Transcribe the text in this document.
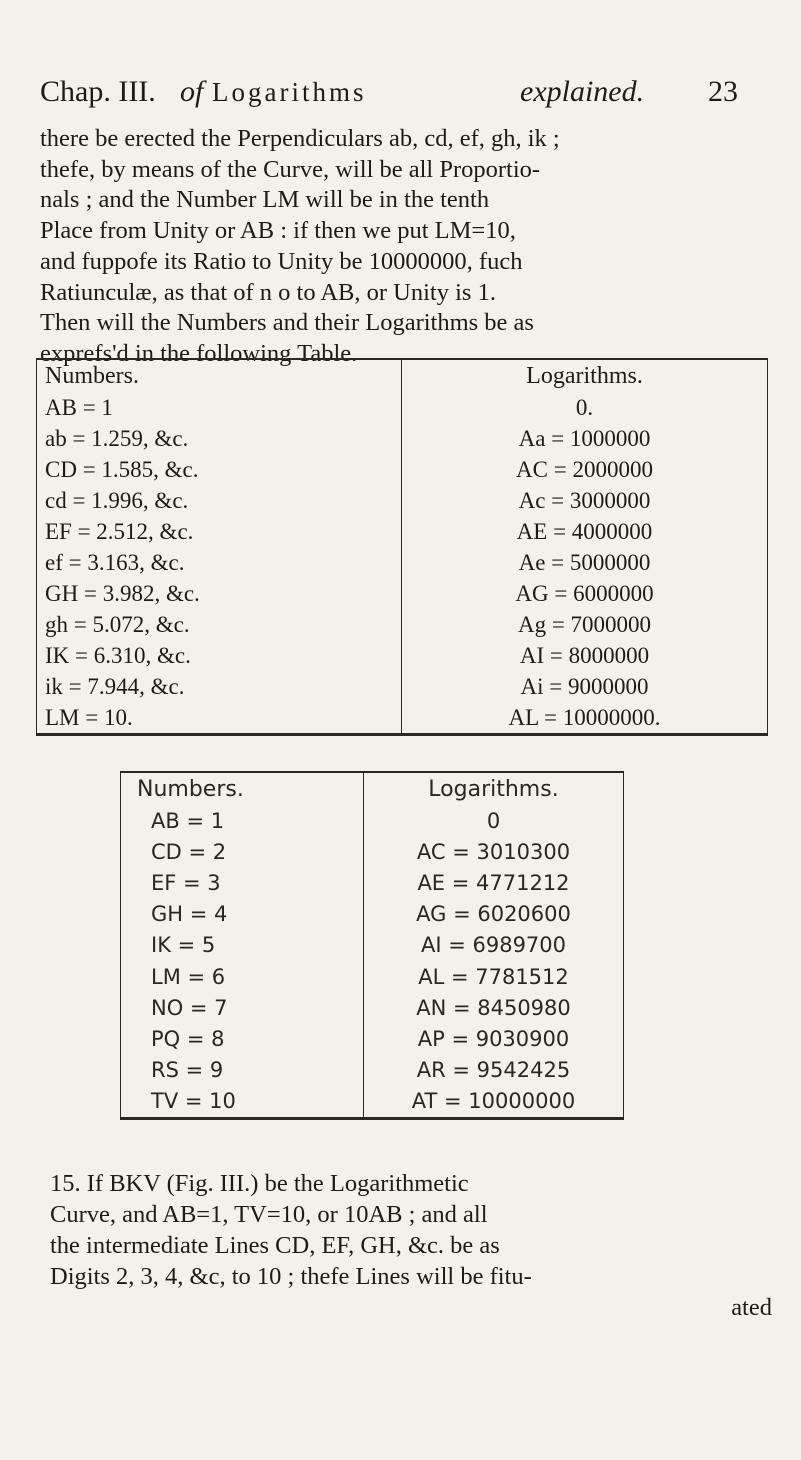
Chap. III. of Logarithms	explained. 23
there be erected the Perpendiculars ab, cd, ef, gh, ik ;
thefe, by means of the Curve, will be all Proportio-
nals ; and the Number LM will be in the tenth
Place from Unity or AB : if then we put LM=10,
and fuppofe its Ratio to Unity be 10000000, fuch
Ratiunculæ, as that of n o to AB, or Unity is 1.
Then will the Numbers and their Logarithms be as
exprefs'd in the following Table.
Numbers.	Logarithms.
AB = 1	0.
ab = 1.259, &c.	Aa = 1000000
CD = 1.585, &c.	AC = 2000000
cd = 1.996, &c.	Ac = 3000000
EF = 2.512, &c.	AE = 4000000
ef = 3.163, &c.	Ae = 5000000
GH = 3.982, &c.	AG = 6000000
gh = 5.072, &c.	Ag = 7000000
IK = 6.310, &c.	AI = 8000000
ik = 7.944, &c.	Ai = 9000000
LM = 10.	AL = 10000000.
Numbers.	Logarithms.
AB = 1	0
CD = 2	AC = 3010300
EF = 3	AE = 4771212
GH = 4	AG = 6020600
IK = 5	AI = 6989700
LM = 6	AL = 7781512
NO = 7	AN = 8450980
PQ = 8	AP = 9030900
RS = 9	AR = 9542425
TV = 10	AT = 10000000
15. If BKV (Fig. III.) be the Logarithmetic
Curve, and AB=1, TV=10, or 10AB ; and all
the intermediate Lines CD, EF, GH, &c. be as
Digits 2, 3, 4, &c, to 10 ; thefe Lines will be fitu-
ated
